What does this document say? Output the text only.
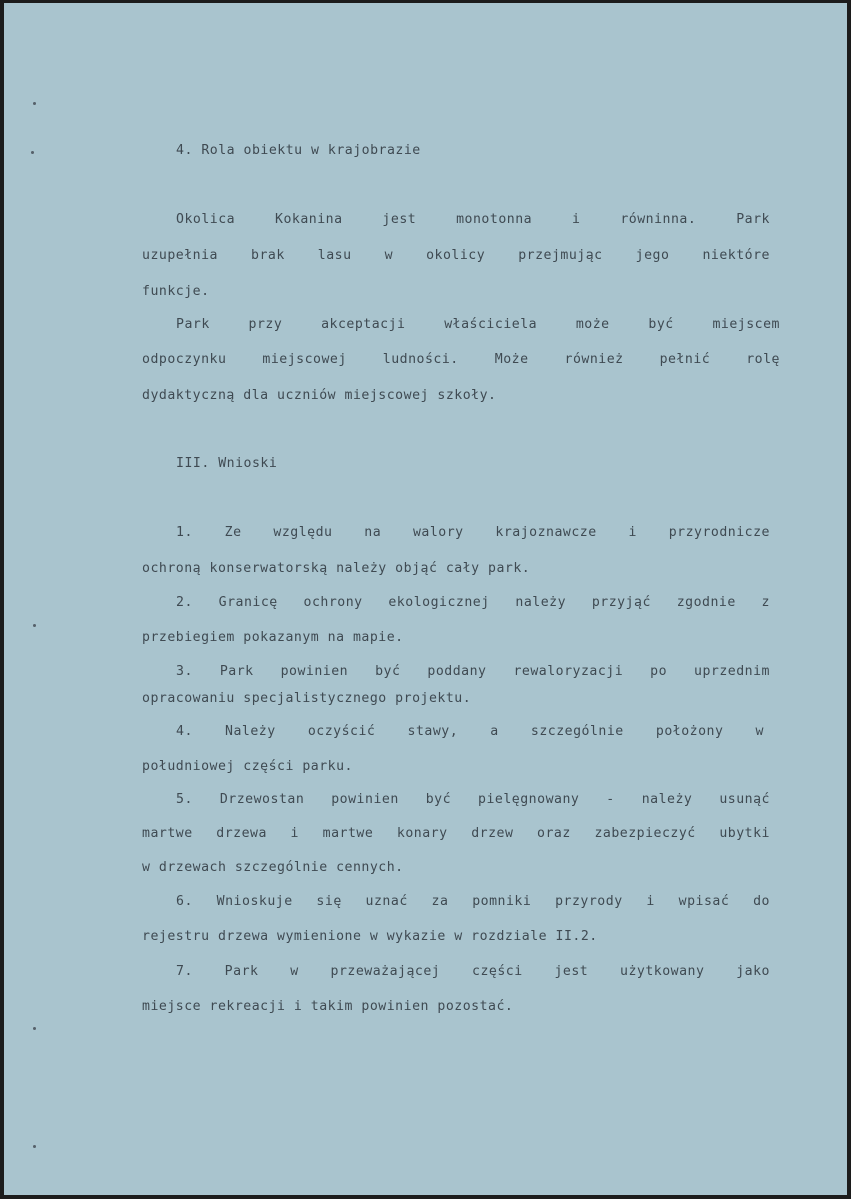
4. Rola obiektu w krajobrazie
Okolica Kokanina jest monotonna i równinna. Park
uzupełnia brak lasu w okolicy przejmując jego niektóre
funkcje.
Park przy akceptacji właściciela może być miejscem
odpoczynku miejscowej ludności. Może również pełnić rolę
dydaktyczną dla uczniów miejscowej szkoły.
III. Wnioski
1. Ze względu na walory krajoznawcze i przyrodnicze
ochroną konserwatorską należy objąć cały park.
2. Granicę ochrony ekologicznej należy przyjąć zgodnie z
przebiegiem pokazanym na mapie.
3. Park powinien być poddany rewaloryzacji po uprzednim
opracowaniu specjalistycznego projektu.
4. Należy oczyścić stawy, a szczególnie położony w
południowej części parku.
5. Drzewostan powinien być pielęgnowany - należy usunąć
martwe drzewa i martwe konary drzew oraz zabezpieczyć ubytki
w drzewach szczególnie cennych.
6. Wnioskuje się uznać za pomniki przyrody i wpisać do
rejestru drzewa wymienione w wykazie w rozdziale II.2.
7. Park w przeważającej części jest użytkowany jako
miejsce rekreacji i takim powinien pozostać.
